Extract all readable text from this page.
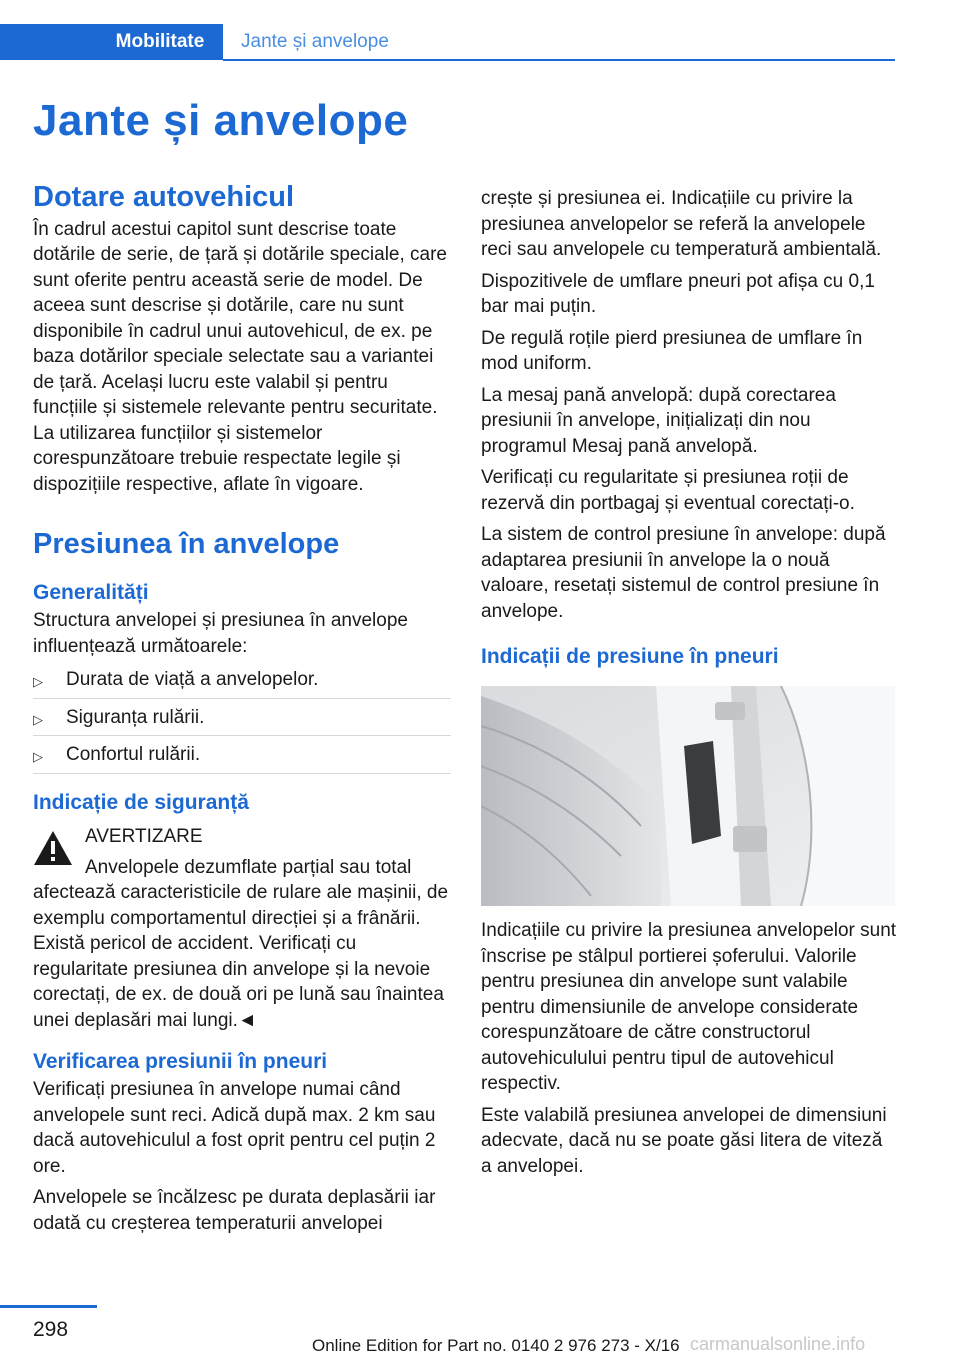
Mobilitate	Jante și anvelope
Jante și anvelope
Dotare autovehicul

În cadrul acestui capitol sunt descrise toate dotările de serie, de țară și dotările speciale, care sunt oferite pentru această serie de model. De aceea sunt descrise și dotările, care nu sunt disponibile în cadrul unui autovehicul, de ex. pe baza dotărilor speciale selectate sau a variantei de țară. Același lucru este valabil și pentru funcțiile și sistemele relevante pentru securitate. La utilizarea funcțiilor și sistemelor corespunzătoare trebuie respectate legile și dispozițiile respective, aflate în vigoare.

Presiunea în anvelope
Generalități

Structura anvelopei și presiunea în anvelope influențează următoarele:

▷ Durata de viață a anvelopelor.
▷ Siguranța rulării.
▷ Confortul rulării.
Indicație de siguranță
AVERTIZARE
Anvelopele dezumflate parțial sau total

afectează caracteristicile de rulare ale mașinii, de exemplu comportamentul direcției și a frânării. Există pericol de accident. Verificați cu regularitate presiunea din anvelope și la nevoie corectați, de ex. de două ori pe lună sau înaintea unei deplasări mai lungi.◄

Verificarea presiunii în pneuri

Verificați presiunea în anvelope numai când anvelopele sunt reci. Adică după max. 2 km sau dacă autovehiculul a fost oprit pentru cel puțin 2 ore.

Anvelopele se încălzesc pe durata deplasării iar odată cu creșterea temperaturii anvelopei

crește și presiunea ei. Indicațiile cu privire la presiunea anvelopelor se referă la anvelopele reci sau anvelopele cu temperatură ambientală.

Dispozitivele de umflare pneuri pot afișa cu 0,1 bar mai puțin.

De regulă roțile pierd presiunea de umflare în mod uniform.

La mesaj pană anvelopă: după corectarea presiunii în anvelope, inițializați din nou programul Mesaj pană anvelopă.

Verificați cu regularitate și presiunea roții de rezervă din portbagaj și eventual corectați-o.

La sistem de control presiune în anvelope: după adaptarea presiunii în anvelope la o nouă valoare, resetați sistemul de control presiune în anvelope.

Indicații de presiune în pneuri

Indicațiile cu privire la presiunea anvelopelor sunt înscrise pe stâlpul portierei șoferului. Valorile pentru presiunea din anvelope sunt valabile pentru dimensiunile de anvelope considerate corespunzătoare de către constructorul autovehiculului pentru tipul de autovehicul respectiv.

Este valabilă presiunea anvelopei de dimensiuni adecvate, dacă nu se poate găsi litera de viteză a anvelopei.

298
Online Edition for Part no. 0140 2 976 273 - X/16 carmanualsonline.info
